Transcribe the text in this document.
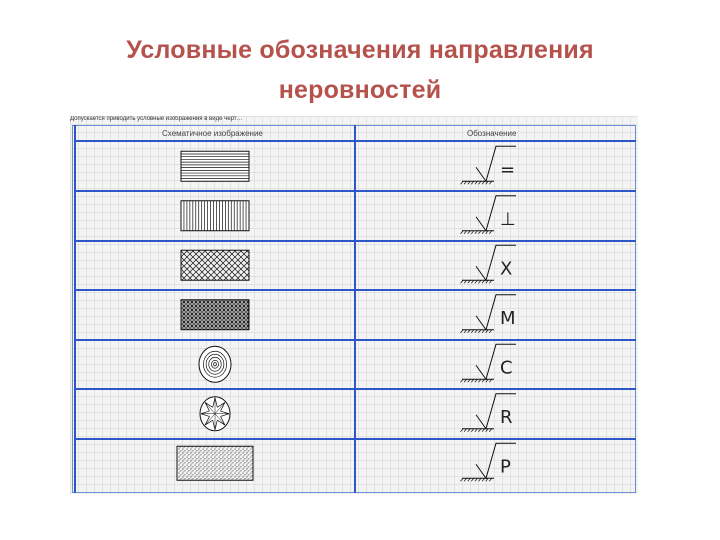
Условные обозначения направления
неровностей
Допускается приводить условные изображения в виде черт…
Схематичное изображение	Обозначение
=
⊥
X
M
C
R
P
